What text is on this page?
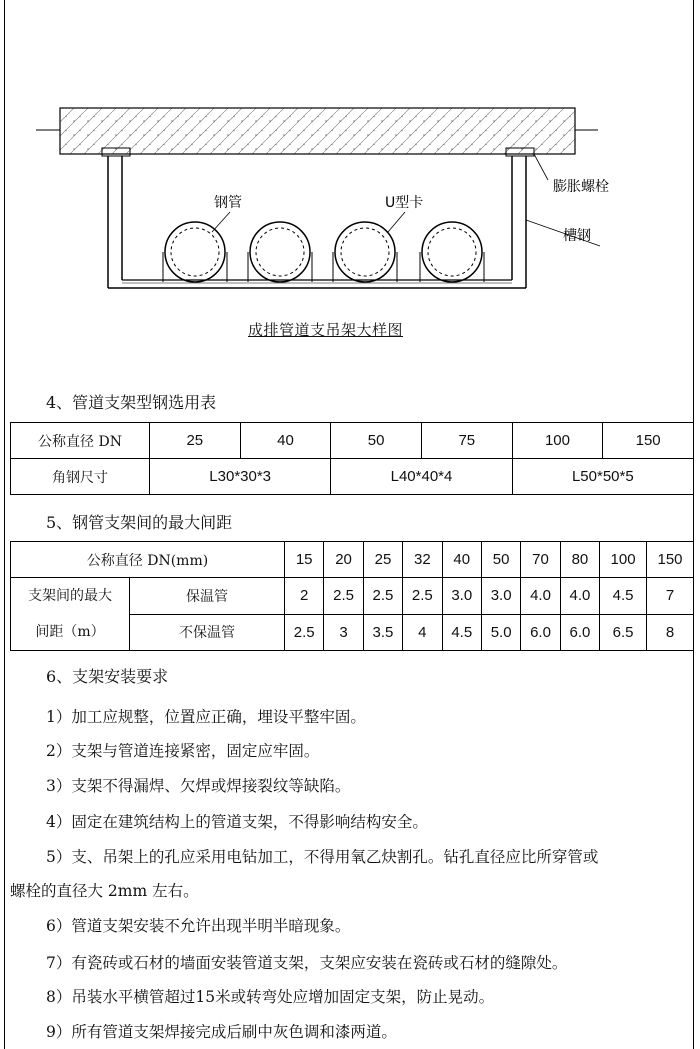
钢管	U型卡
膨胀螺栓
槽钢
成排管道支吊架大样图
4、管道支架型钢选用表
公称直径 DN	25	40	50	75	100	150
角钢尺寸	L30*30*3		L40*40*4		L50*50*5	
5、钢管支架间的最大间距
公称直径 DN(mm)		15	20	25	32	40	50	70	80	100	150

支架间的最大
间距（m）	保温管	2	2.5	2.5	2.5	3.0	3.0	4.0	4.0	4.5	7
	不保温管	2.5	3	3.5	4	4.5	5.0	6.0	6.0	6.5	8
6、支架安装要求
1）加工应规整，位置应正确，埋设平整牢固。
2）支架与管道连接紧密，固定应牢固。
3）支架不得漏焊、欠焊或焊接裂纹等缺陷。
4）固定在建筑结构上的管道支架，不得影响结构安全。
5）支、吊架上的孔应采用电钻加工，不得用氧乙炔割孔。钻孔直径应比所穿管或
螺栓的直径大 2mm 左右。
6）管道支架安装不允许出现半明半暗现象。
7）有瓷砖或石材的墙面安装管道支架，支架应安装在瓷砖或石材的缝隙处。
8）吊装水平横管超过15米或转弯处应增加固定支架，防止晃动。
9）所有管道支架焊接完成后刷中灰色调和漆两道。
